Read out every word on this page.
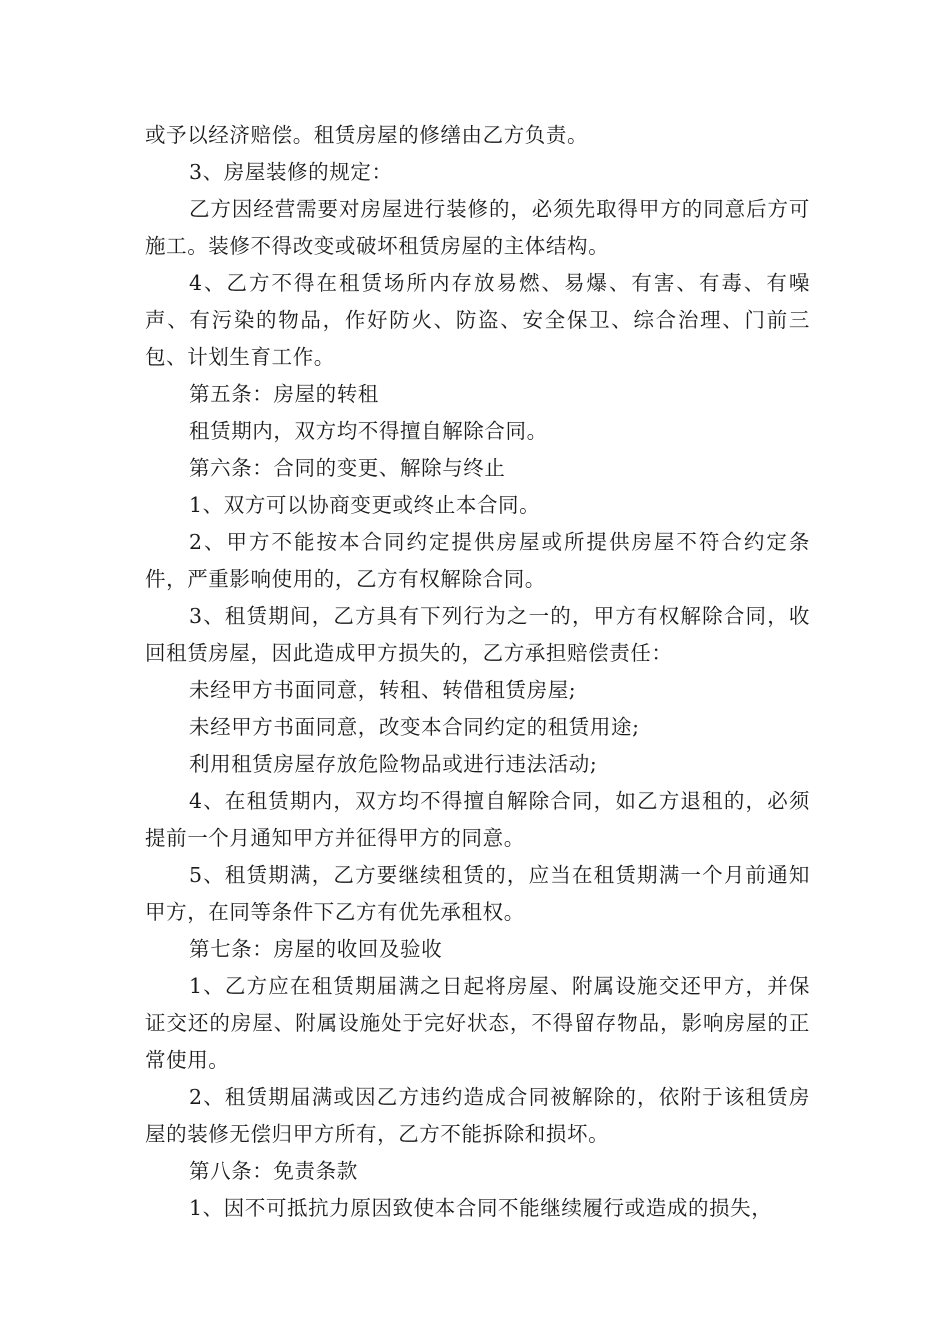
或予以经济赔偿。租赁房屋的修缮由乙方负责。

3、房屋装修的规定：

乙方因经营需要对房屋进行装修的，必须先取得甲方的同意后方可施工。装修不得改变或破坏租赁房屋的主体结构。

4、乙方不得在租赁场所内存放易燃、易爆、有害、有毒、有噪声、有污染的物品，作好防火、防盗、安全保卫、综合治理、门前三包、计划生育工作。

第五条：房屋的转租

租赁期内，双方均不得擅自解除合同。

第六条：合同的变更、解除与终止

1、双方可以协商变更或终止本合同。

2、甲方不能按本合同约定提供房屋或所提供房屋不符合约定条件，严重影响使用的，乙方有权解除合同。

3、租赁期间，乙方具有下列行为之一的，甲方有权解除合同，收回租赁房屋，因此造成甲方损失的，乙方承担赔偿责任：

未经甲方书面同意，转租、转借租赁房屋;

未经甲方书面同意，改变本合同约定的租赁用途;

利用租赁房屋存放危险物品或进行违法活动;

4、在租赁期内，双方均不得擅自解除合同，如乙方退租的，必须提前一个月通知甲方并征得甲方的同意。

5、租赁期满，乙方要继续租赁的，应当在租赁期满一个月前通知甲方，在同等条件下乙方有优先承租权。

第七条：房屋的收回及验收

1、乙方应在租赁期届满之日起将房屋、附属设施交还甲方，并保证交还的房屋、附属设施处于完好状态，不得留存物品，影响房屋的正常使用。

2、租赁期届满或因乙方违约造成合同被解除的，依附于该租赁房屋的装修无偿归甲方所有，乙方不能拆除和损坏。

第八条：免责条款

1、因不可抵抗力原因致使本合同不能继续履行或造成的损失，
